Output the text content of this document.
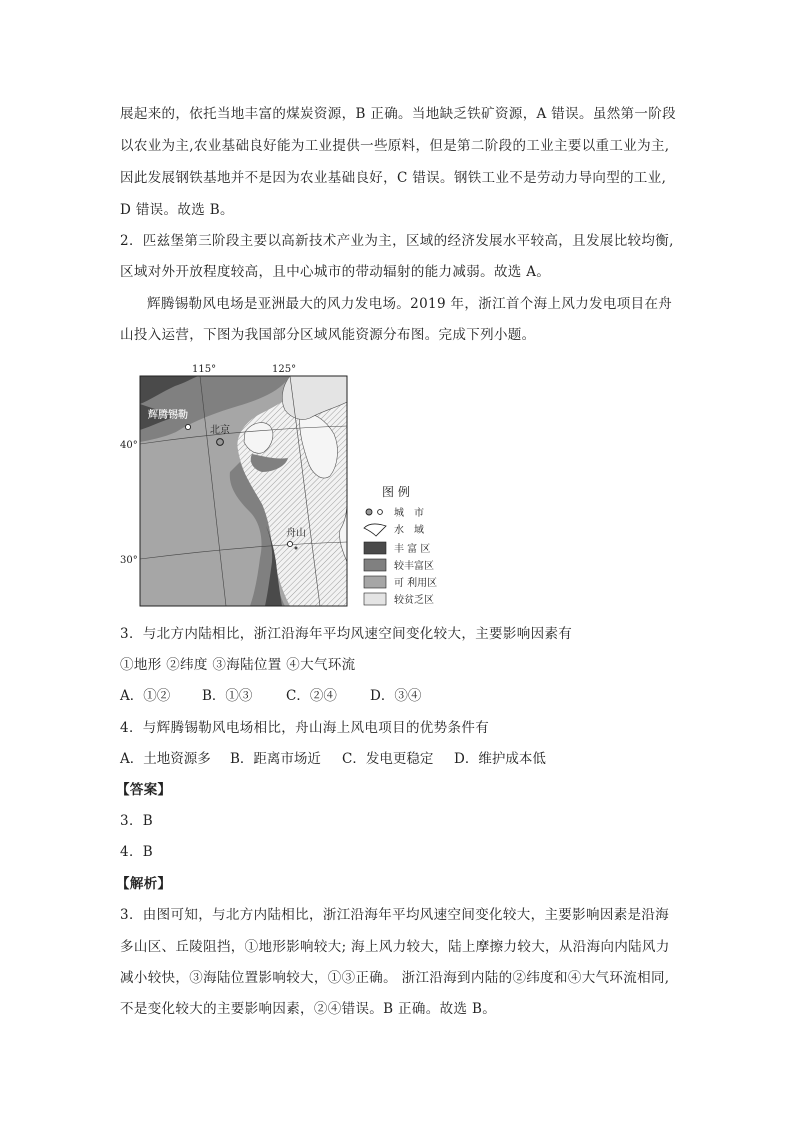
展起来的，依托当地丰富的煤炭资源，B 正确。当地缺乏铁矿资源，A 错误。虽然第一阶段
以农业为主,农业基础良好能为工业提供一些原料，但是第二阶段的工业主要以重工业为主,
因此发展钢铁基地并不是因为农业基础良好，C 错误。钢铁工业不是劳动力导向型的工业,
D 错误。故选 B。
2．匹兹堡第三阶段主要以高新技术产业为主，区域的经济发展水平较高，且发展比较均衡,
区域对外开放程度较高，且中心城市的带动辐射的能力减弱。故选 A。
辉腾锡勒风电场是亚洲最大的风力发电场。2019 年，浙江首个海上风力发电项目在舟
山投入运营，下图为我国部分区域风能资源分布图。完成下列小题。
115°	125°
40°
30°
辉腾锡勒
北京
舟山
图 例
城　市
水　域
丰 富 区
较丰富区
可 利用区
较贫乏区
3．与北方内陆相比，浙江沿海年平均风速空间变化较大，主要影响因素有
①地形 ②纬度 ③海陆位置 ④大气环流
A．①② B．①③ C．②④ D．③④
4．与辉腾锡勒风电场相比，舟山海上风电项目的优势条件有
A．土地资源多 B．距离市场近 C．发电更稳定 D．维护成本低
【答案】
3．B
4．B
【解析】
3．由图可知，与北方内陆相比，浙江沿海年平均风速空间变化较大，主要影响因素是沿海
多山区、丘陵阻挡，①地形影响较大; 海上风力较大，陆上摩擦力较大，从沿海向内陆风力
减小较快，③海陆位置影响较大，①③正确。 浙江沿海到内陆的②纬度和④大气环流相同,
不是变化较大的主要影响因素，②④错误。B 正确。故选 B。
